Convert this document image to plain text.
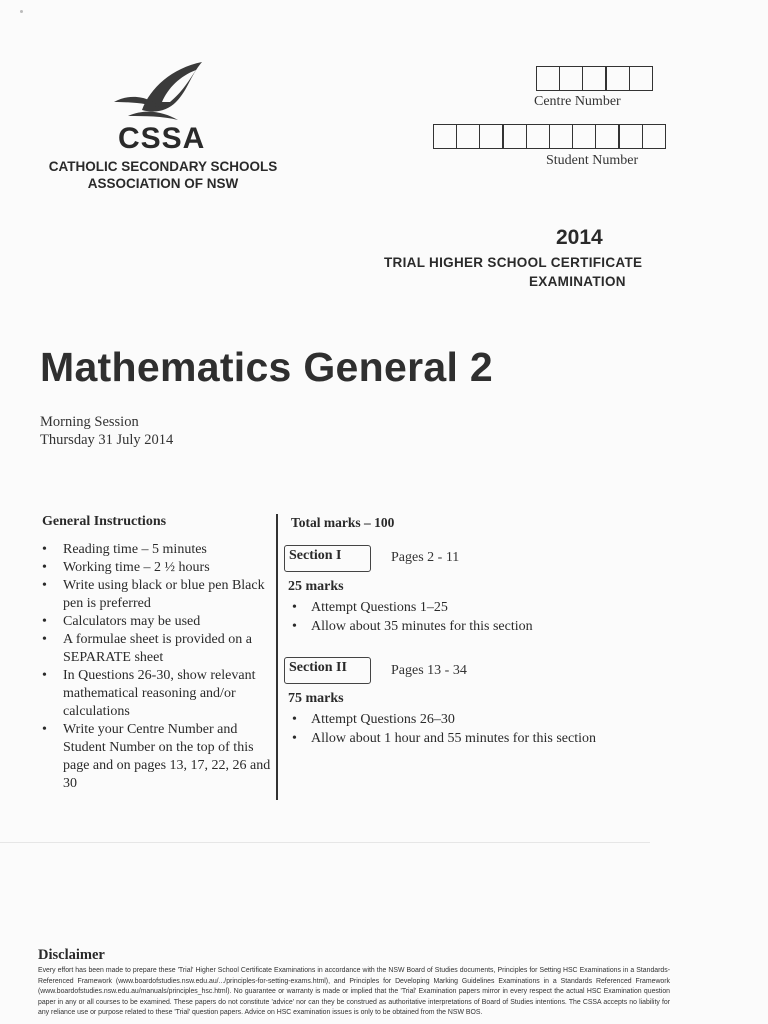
CSSA
CATHOLIC SECONDARY SCHOOLS ASSOCIATION OF NSW
Centre Number
Student Number
2014
TRIAL HIGHER SCHOOL CERTIFICATE
EXAMINATION
Mathematics General 2
Morning Session
Thursday 31 July 2014
General Instructions
• Reading time – 5 minutes
• Working time – 2 ½ hours
• Write using black or blue pen Black pen is preferred
• Calculators may be used
• A formulae sheet is provided on a SEPARATE sheet
• In Questions 26-30, show relevant mathematical reasoning and/or calculations
• Write your Centre Number and Student Number on the top of this page and on pages 13, 17, 22, 26 and 30
Total marks – 100
Section I	Pages 2 - 11
25 marks
• Attempt Questions 1–25
• Allow about 35 minutes for this section
Section II	Pages 13 - 34
75 marks
• Attempt Questions 26–30
• Allow about 1 hour and 55 minutes for this section
Disclaimer
Every effort has been made to prepare these 'Trial' Higher School Certificate Examinations in accordance with the NSW Board of Studies documents, Principles for Setting HSC Examinations in a Standards-Referenced Framework (www.boardofstudies.nsw.edu.au/.../principles-for-setting-exams.html), and Principles for Developing Marking Guidelines Examinations in a Standards Referenced Framework (www.boardofstudies.nsw.edu.au/manuals/principles_hsc.html). No guarantee or warranty is made or implied that the 'Trial' Examination papers mirror in every respect the actual HSC Examination question paper in any or all courses to be examined. These papers do not constitute 'advice' nor can they be construed as authoritative interpretations of Board of Studies intentions. The CSSA accepts no liability for any reliance use or purpose related to these 'Trial' question papers. Advice on HSC examination issues is only to be obtained from the NSW BOS.
